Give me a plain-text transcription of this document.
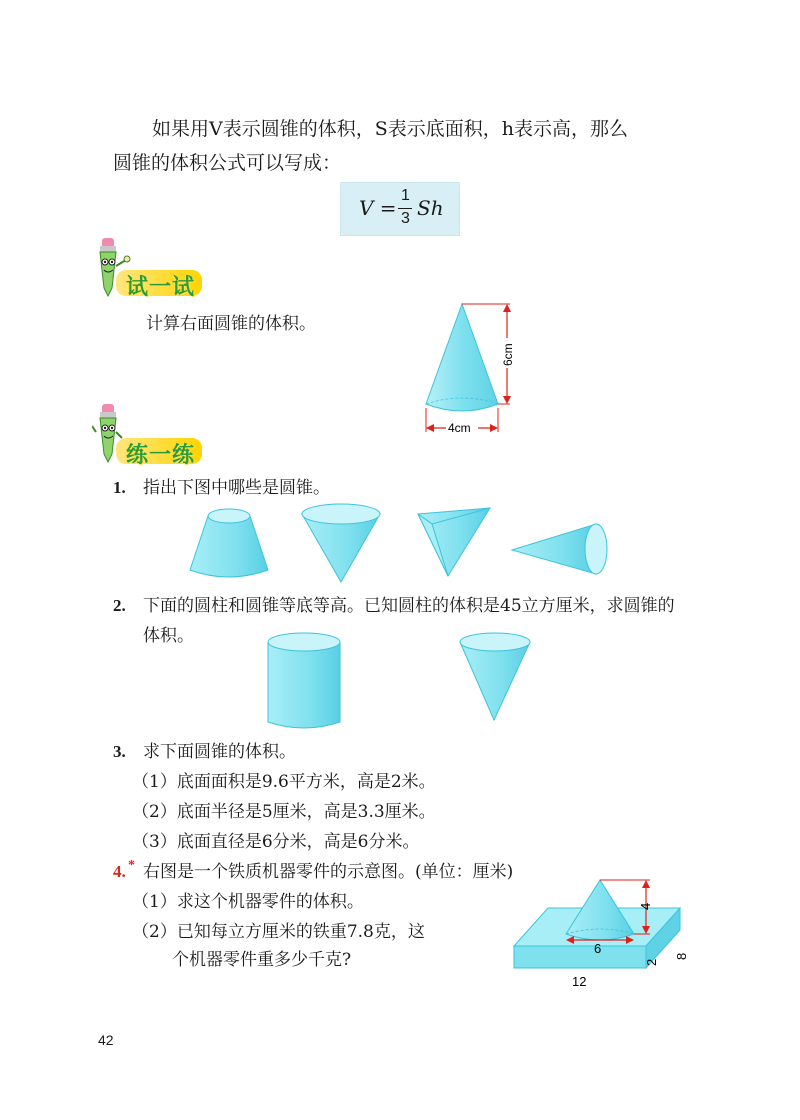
如果用V表示圆锥的体积，S表示底面积，h表示高，那么
圆锥的体积公式可以写成：
V =
1
3 Sh
试一试
计算右面圆锥的体积。
6cm
4cm
练一练
1. 指出下图中哪些是圆锥。
2. 下面的圆柱和圆锥等底等高。已知圆柱的体积是45立方厘米，求圆锥的
体积。
3. 求下面圆锥的体积。
（1）底面面积是9.6平方米，高是2米。
（2）底面半径是5厘米，高是3.3厘米。
（3）底面直径是6分米，高是6分米。
4. * 右图是一个铁质机器零件的示意图。(单位：厘米)
（1）求这个机器零件的体积。
（2）已知每立方厘米的铁重7.8克，这
个机器零件重多少千克?
4
6
2
8
12
42
